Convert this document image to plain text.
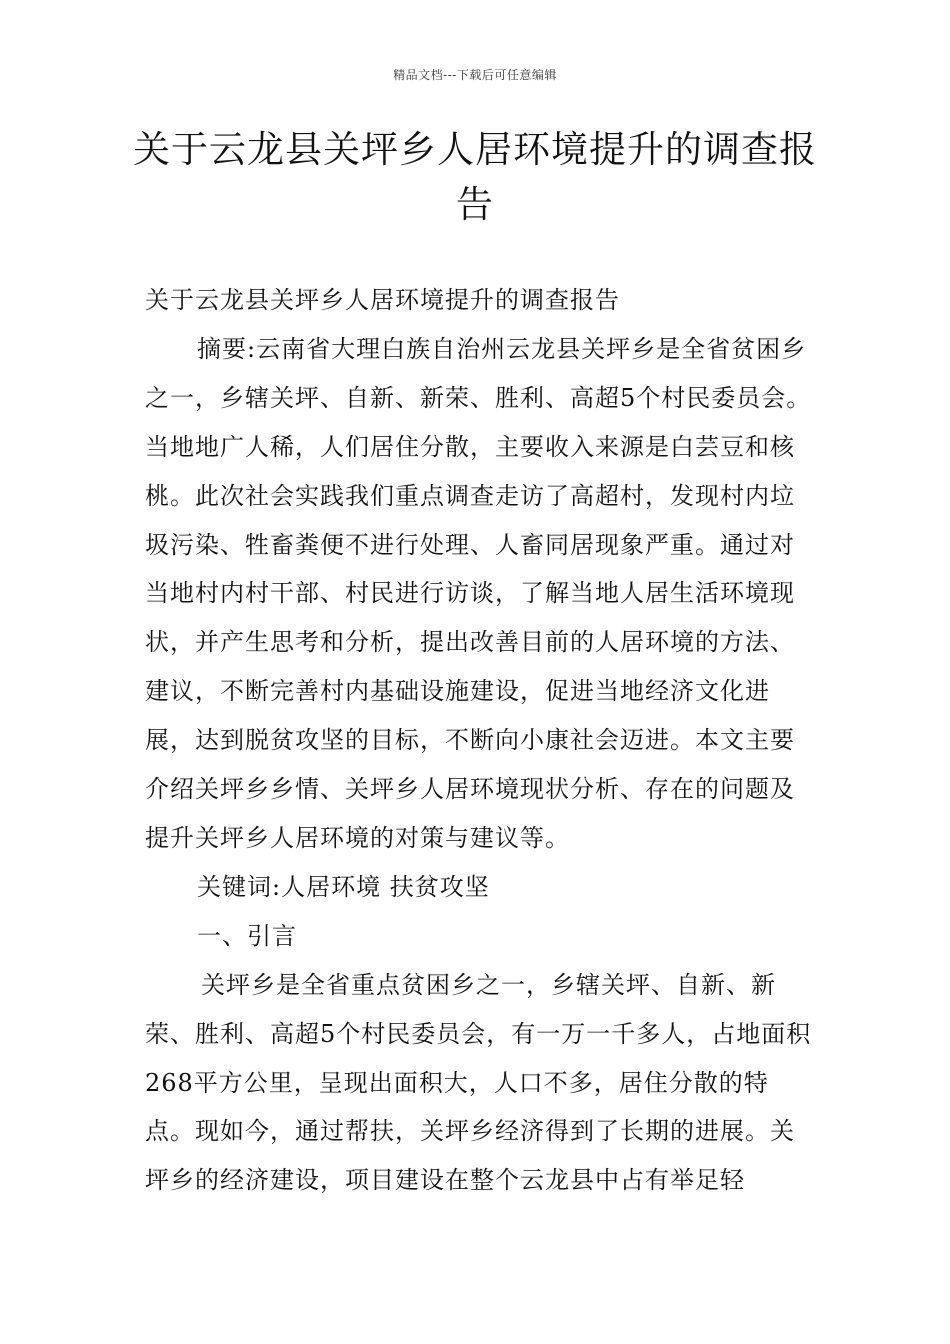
精品文档---下载后可任意编辑
关于云龙县关坪乡人居环境提升的调查报告

关于云龙县关坪乡人居环境提升的调查报告

摘要:云南省大理白族自治州云龙县关坪乡是全省贫困乡之一，乡辖关坪、自新、新荣、胜利、高超5个村民委员会。当地地广人稀，人们居住分散，主要收入来源是白芸豆和核桃。此次社会实践我们重点调查走访了高超村，发现村内垃圾污染、牲畜粪便不进行处理、人畜同居现象严重。通过对当地村内村干部、村民进行访谈，了解当地人居生活环境现状，并产生思考和分析，提出改善目前的人居环境的方法、建议，不断完善村内基础设施建设，促进当地经济文化进展，达到脱贫攻坚的目标，不断向小康社会迈进。本文主要介绍关坪乡乡情、关坪乡人居环境现状分析、存在的问题及提升关坪乡人居环境的对策与建议等。

关键词:人居环境 扶贫攻坚

一、引言

关坪乡是全省重点贫困乡之一，乡辖关坪、自新、新荣、胜利、高超5个村民委员会，有一万一千多人，占地面积268平方公里，呈现出面积大，人口不多，居住分散的特点。现如今，通过帮扶，关坪乡经济得到了长期的进展。关坪乡的经济建设，项目建设在整个云龙县中占有举足轻
